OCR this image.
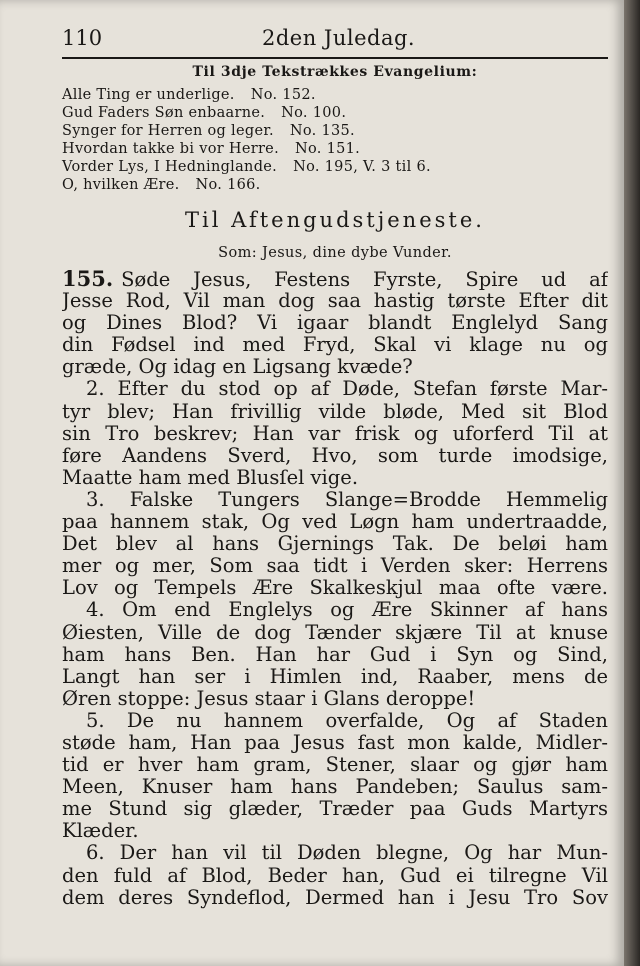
110	2den Juledag.
Til 3dje Tekstrækkes Evangelium:
Alle Ting er underlige. No. 152.
Gud Faders Søn enbaarne. No. 100.
Synger for Herren og leger. No. 135.
Hvordan takke bi vor Herre. No. 151.
Vorder Lys, I Hedninglande. No. 195, V. 3 til 6.
O, hvilken Ære. No. 166.
Til Aftengudstjeneste.
Som: Jesus, dine dybe Vunder.
155. Søde Jesus, Festens Fyrste, Spire ud af
Jesse Rod, Vil man dog saa hastig tørste Efter dit
og Dines Blod? Vi igaar blandt Englelyd Sang
din Fødsel ind med Fryd, Skal vi klage nu og
græde, Og idag en Ligsang kvæde?
2. Efter du stod op af Døde, Stefan første Mar-
tyr blev; Han frivillig vilde bløde, Med sit Blod
sin Tro beskrev; Han var frisk og uforferd Til at
føre Aandens Sverd, Hvo, som turde imodsige,
Maatte ham med Blusſel vige.
3. Falske Tungers Slange=Brodde Hemmelig
paa hannem stak, Og ved Løgn ham undertraadde,
Det blev al hans Gjernings Tak. De beløi ham
mer og mer, Som saa tidt i Verden sker: Herrens
Lov og Tempels Ære Skalkeskjul maa ofte være.
4. Om end Englelys og Ære Skinner af hans
Øiesten, Ville de dog Tænder skjære Til at knuse
ham hans Ben. Han har Gud i Syn og Sind,
Langt han ser i Himlen ind, Raaber, mens de
Øren stoppe: Jesus staar i Glans deroppe!
5. De nu hannem overfalde, Og af Staden
støde ham, Han paa Jesus fast mon kalde, Midler-
tid er hver ham gram, Stener, slaar og gjør ham
Meen, Knuser ham hans Pandeben; Saulus sam-
me Stund sig glæder, Træder paa Guds Martyrs
Klæder.
6. Der han vil til Døden blegne, Og har Mun-
den fuld af Blod, Beder han, Gud ei tilregne Vil
dem deres Syndeflod, Dermed han i Jesu Tro Sov
